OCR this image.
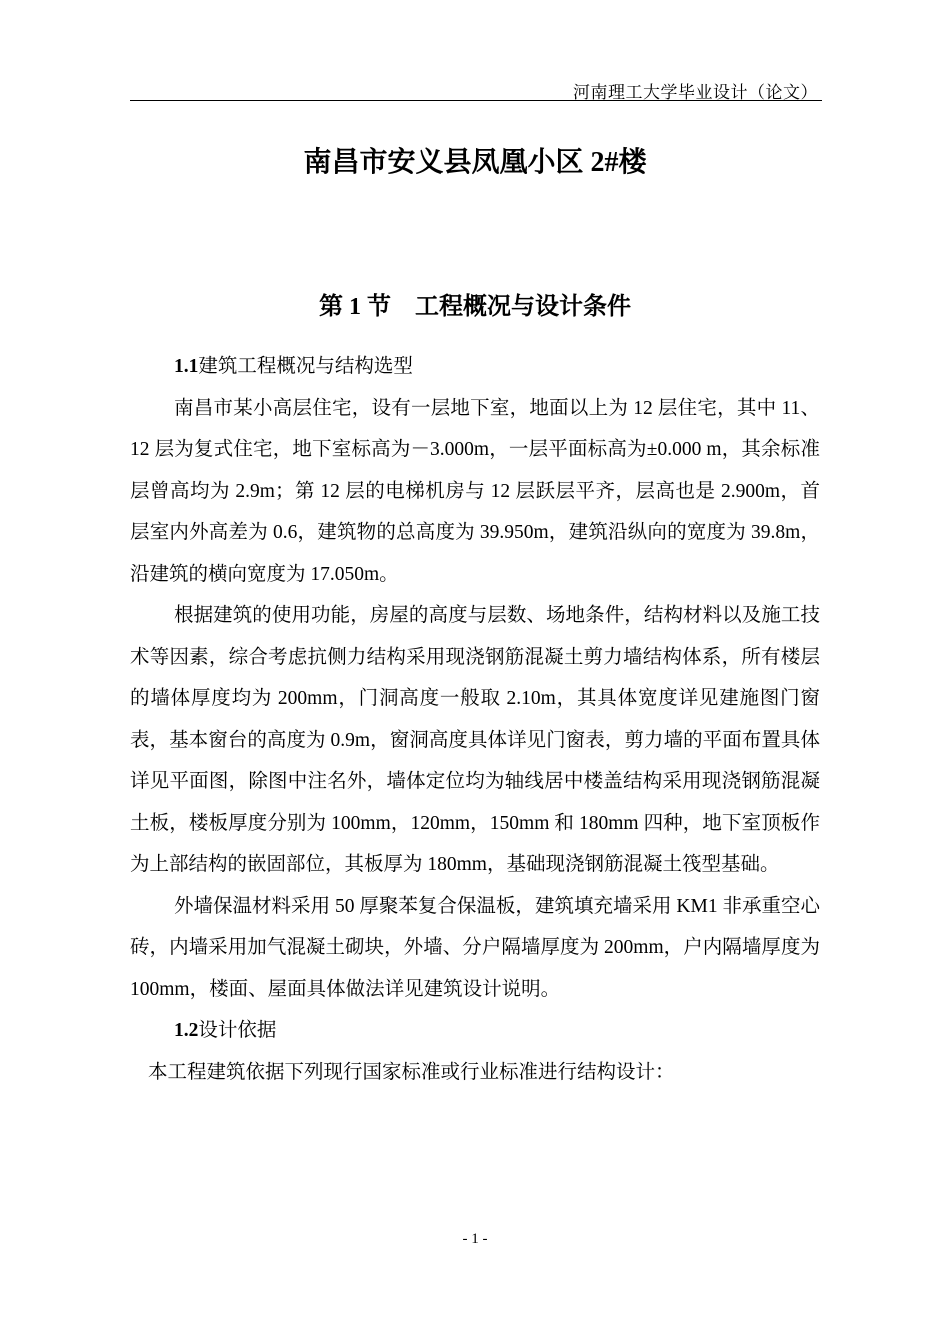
河南理工大学毕业设计（论文）
南昌市安义县凤凰小区 2#楼
第 1 节    工程概况与设计条件

1.1建筑工程概况与结构选型

南昌市某小高层住宅，设有一层地下室，地面以上为 12 层住宅，其中 11、12 层为复式住宅，地下室标高为－3.000m，一层平面标高为±0.000 m，其余标准层曾高均为 2.9m；第 12 层的电梯机房与 12 层跃层平齐，层高也是 2.900m，首层室内外高差为 0.6，建筑物的总高度为 39.950m，建筑沿纵向的宽度为 39.8m，沿建筑的横向宽度为 17.050m。

根据建筑的使用功能，房屋的高度与层数、场地条件，结构材料以及施工技术等因素，综合考虑抗侧力结构采用现浇钢筋混凝土剪力墙结构体系，所有楼层的墙体厚度均为 200mm，门洞高度一般取 2.10m，其具体宽度详见建施图门窗表，基本窗台的高度为 0.9m，窗洞高度具体详见门窗表，剪力墙的平面布置具体详见平面图，除图中注名外，墙体定位均为轴线居中楼盖结构采用现浇钢筋混凝土板，楼板厚度分别为 100mm，120mm，150mm 和 180mm 四种，地下室顶板作为上部结构的嵌固部位，其板厚为 180mm，基础现浇钢筋混凝土筏型基础。

外墙保温材料采用 50 厚聚苯复合保温板，建筑填充墙采用 KM1 非承重空心砖，内墙采用加气混凝土砌块，外墙、分户隔墙厚度为 200mm，户内隔墙厚度为 100mm，楼面、屋面具体做法详见建筑设计说明。

1.2设计依据

本工程建筑依据下列现行国家标准或行业标准进行结构设计：

- 1 -
